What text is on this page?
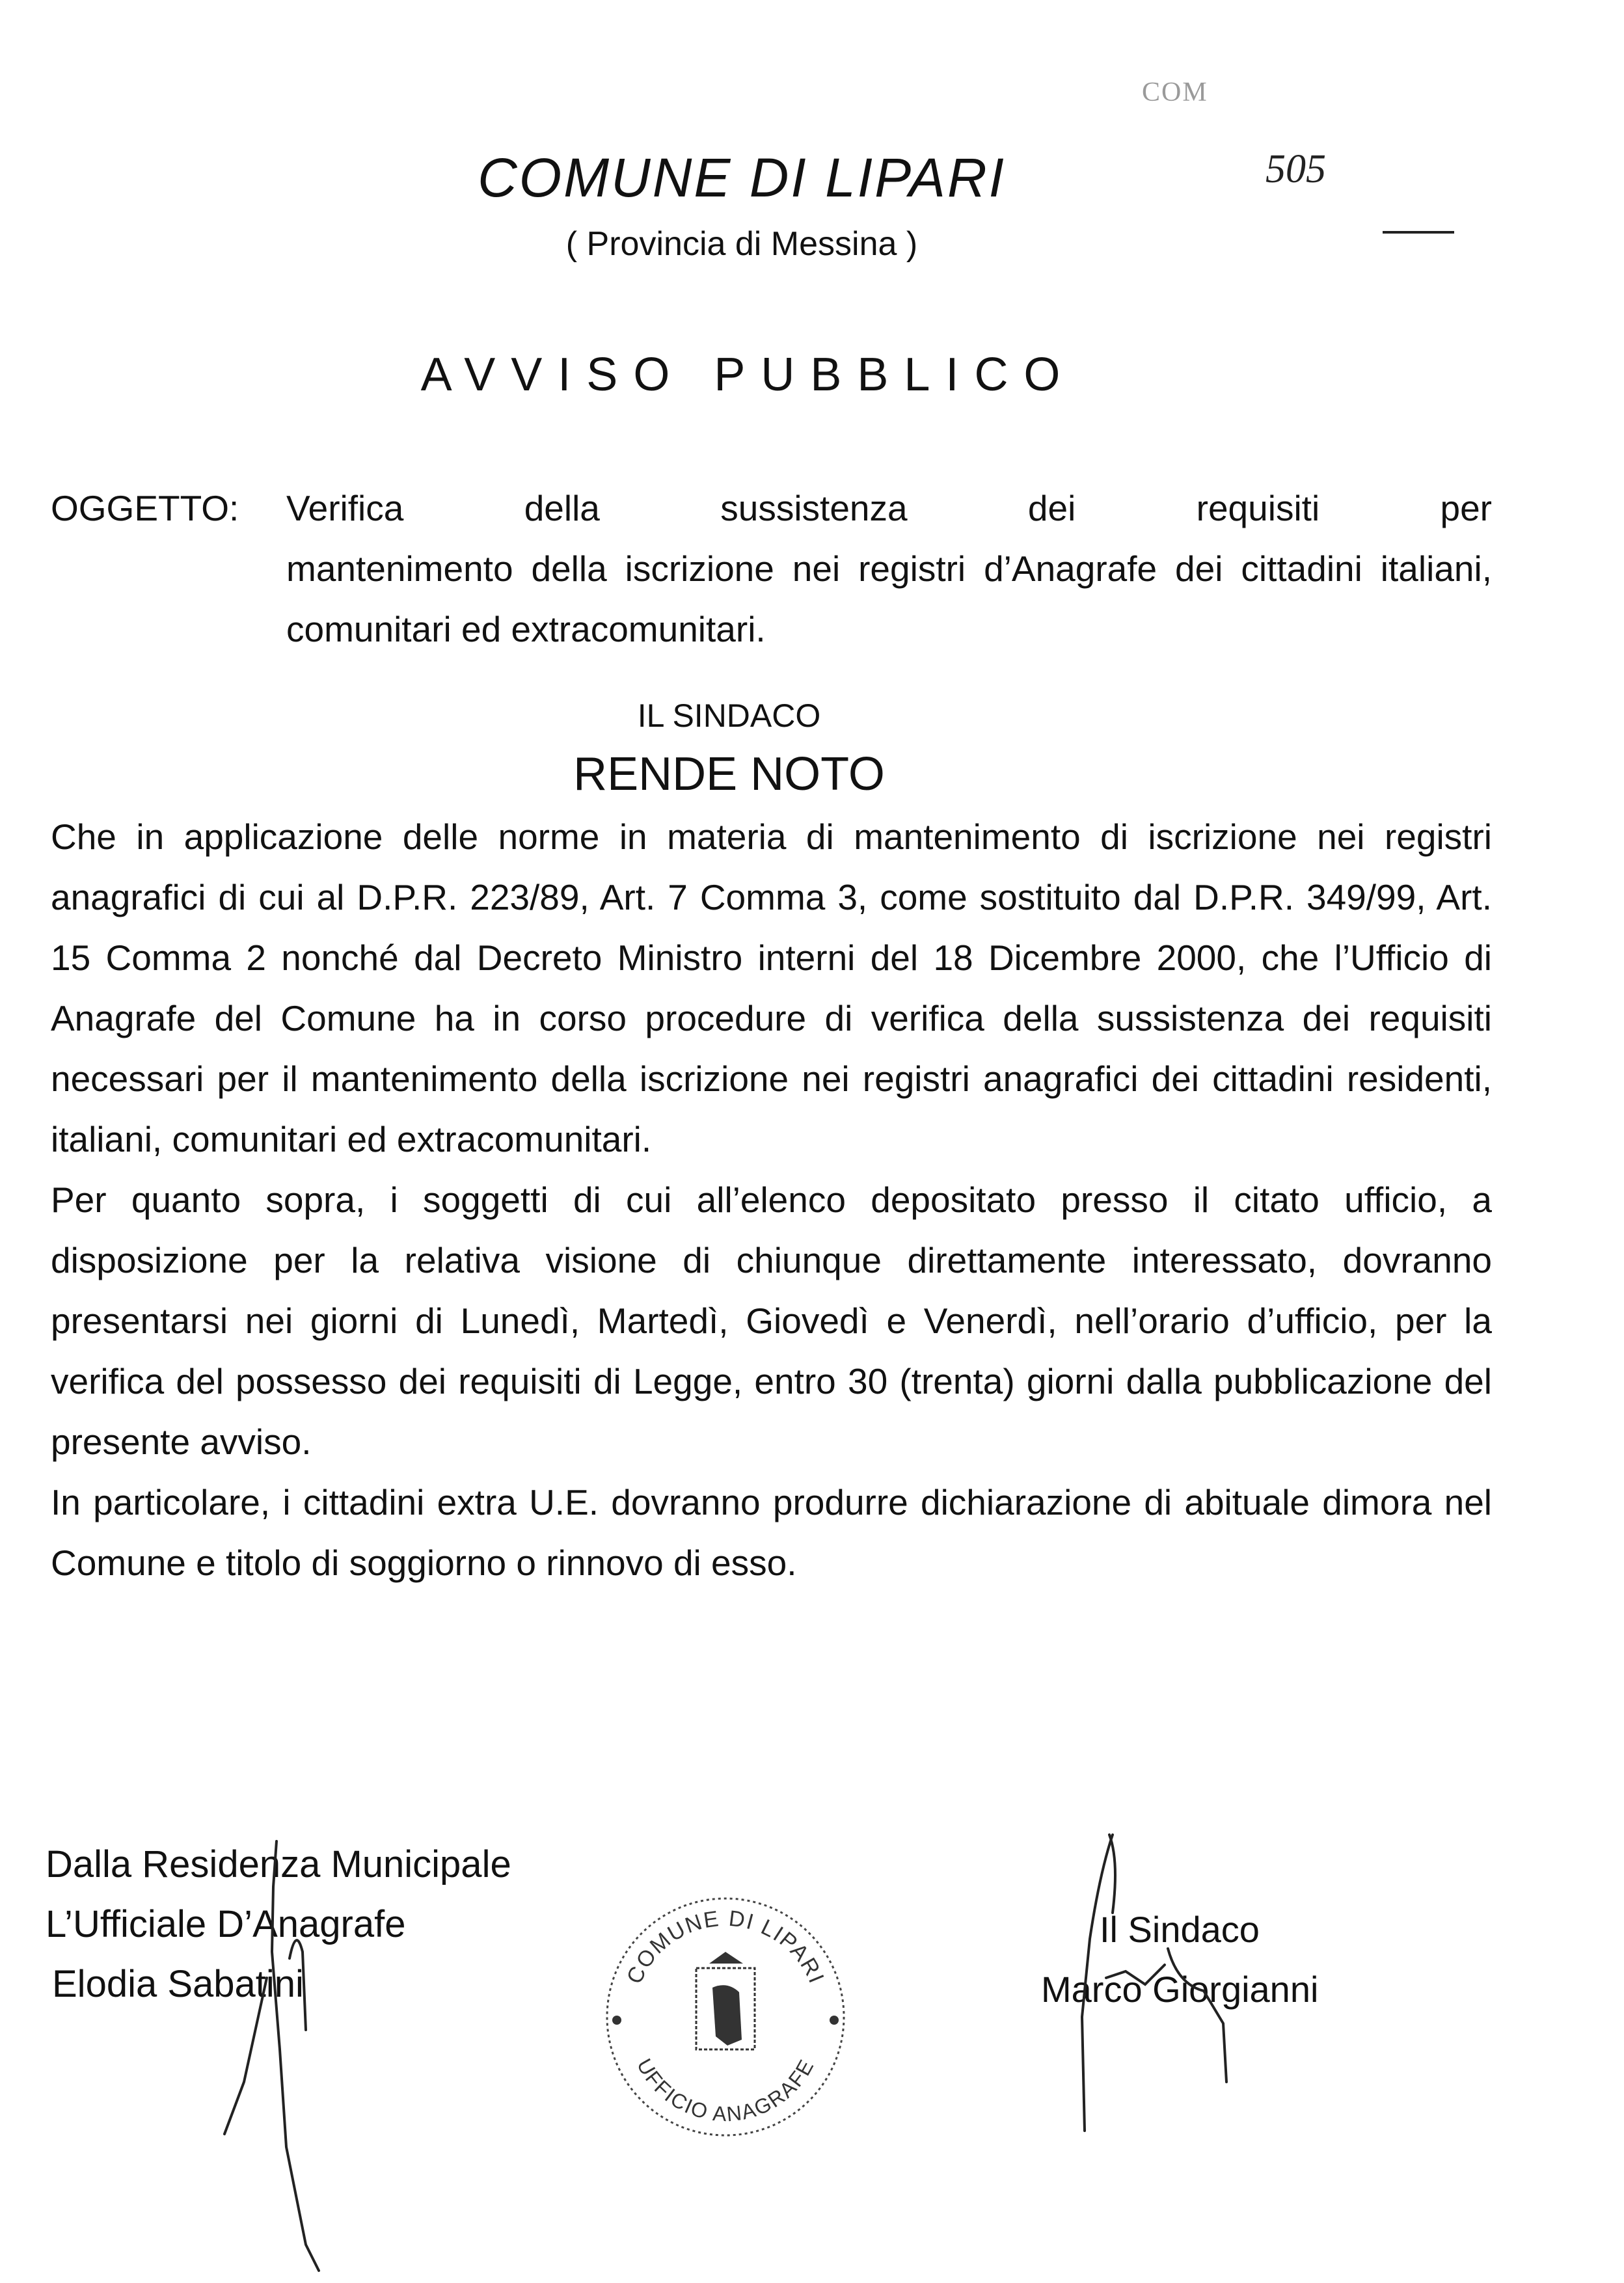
COM
505
COMUNE DI LIPARI
( Provincia di Messina )
AVVISO PUBBLICO
OGGETTO:	Verifica della sussistenza dei requisiti per
mantenimento della iscrizione nei registri d’Anagrafe dei cittadini italiani, comunitari ed extracomunitari.
IL SINDACO
RENDE NOTO

Che in applicazione delle norme in materia di mantenimento di iscrizione nei registri anagrafici di cui al D.P.R. 223/89, Art. 7 Comma 3, come sostituito dal D.P.R. 349/99, Art. 15 Comma 2 nonché dal Decreto Ministro interni del 18 Dicembre 2000, che l’Ufficio di Anagrafe del Comune ha in corso procedure di verifica della sussistenza dei requisiti necessari per il mantenimento della iscrizione nei registri anagrafici dei cittadini residenti, italiani, comunitari ed extracomunitari.

Per quanto sopra, i soggetti di cui all’elenco depositato presso il citato ufficio, a disposizione per la relativa visione di chiunque direttamente interessato, dovranno presentarsi nei giorni di Lunedì, Martedì, Giovedì e Venerdì, nell’orario d’ufficio, per la verifica del possesso dei requisiti di Legge, entro 30 (trenta) giorni dalla pubblicazione del presente avviso.

In particolare, i cittadini extra U.E. dovranno produrre dichiarazione di abituale dimora nel Comune e titolo di soggiorno o rinnovo di esso.

Dalla Residenza Municipale
L’Ufficiale D’Anagrafe
Elodia Sabatini	COMUNE DI LIPARI
UFFICIO ANAGRAFE
Il Sindaco
Marco Giorgianni
